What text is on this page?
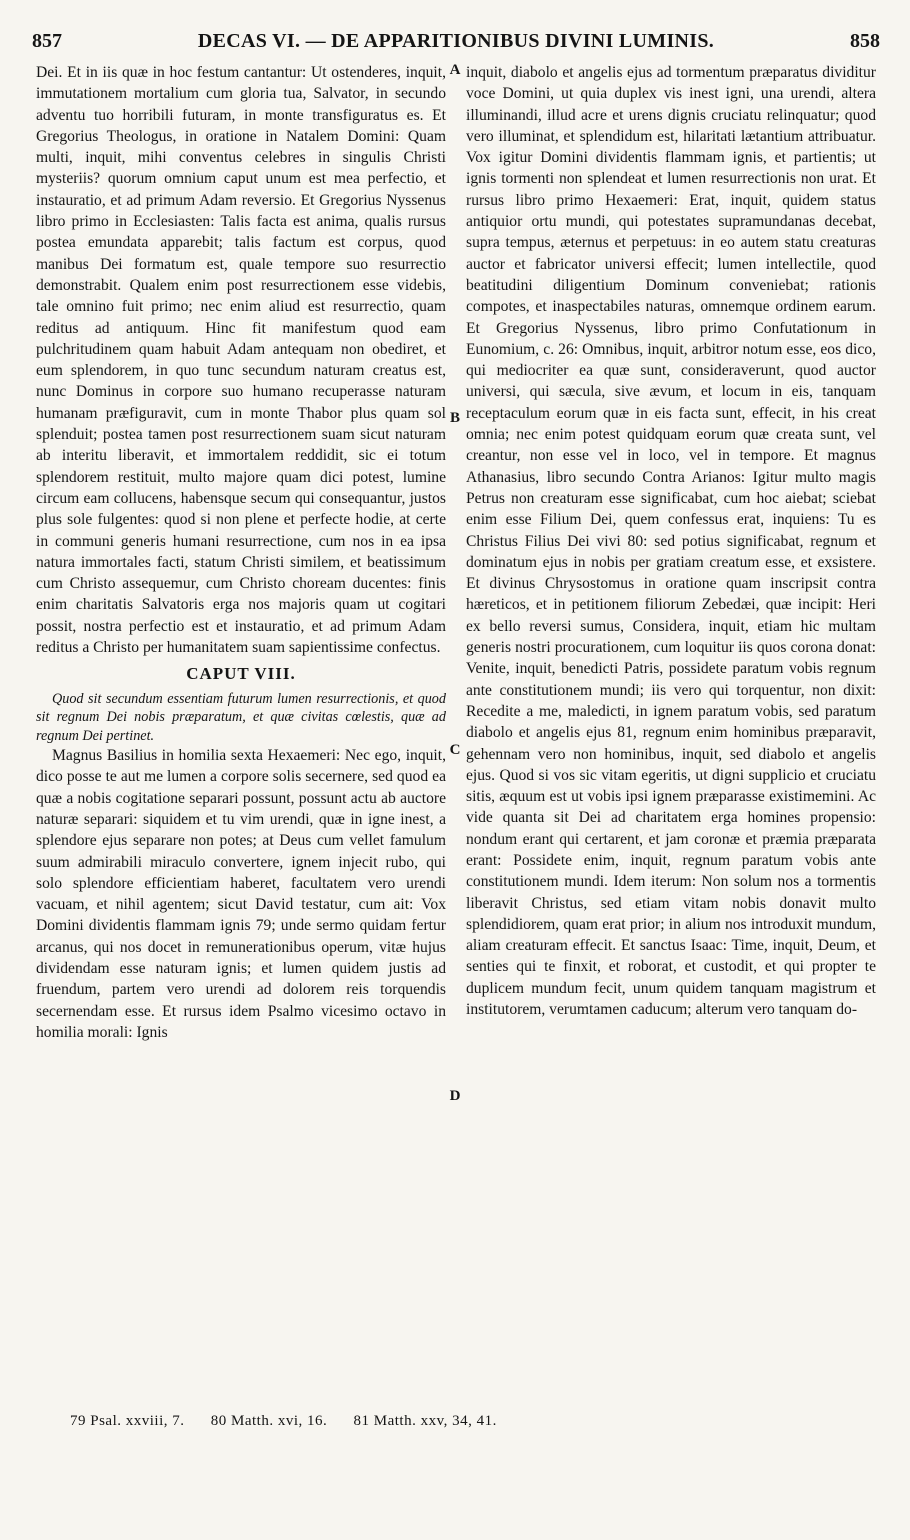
857	DECAS VI. — DE APPARITIONIBUS DIVINI LUMINIS.	858

Dei. Et in iis quæ in hoc festum cantantur: Ut ostenderes, inquit, immutationem mortalium cum gloria tua, Salvator, in secundo adventu tuo horribili futuram, in monte transfiguratus es. Et Gregorius Theologus, in oratione in Natalem Domini: Quam multi, inquit, mihi conventus celebres in singulis Christi mysteriis? quorum omnium caput unum est mea perfectio, et instauratio, et ad primum Adam reversio. Et Gregorius Nyssenus libro primo in Ecclesiasten: Talis facta est anima, qualis rursus postea emundata apparebit; talis factum est corpus, quod manibus Dei formatum est, quale tempore suo resurrectio demonstrabit. Qualem enim post resurrectionem esse videbis, tale omnino fuit primo; nec enim aliud est resurrectio, quam reditus ad antiquum. Hinc fit manifestum quod eam pulchritudinem quam habuit Adam antequam non obediret, et eum splendorem, in quo tunc secundum naturam creatus est, nunc Dominus in corpore suo humano recuperasse naturam humanam præfiguravit, cum in monte Thabor plus quam sol splenduit; postea tamen post resurrectionem suam sicut naturam ab interitu liberavit, et immortalem reddidit, sic ei totum splendorem restituit, multo majore quam dici potest, lumine circum eam collucens, habensque secum qui consequantur, justos plus sole fulgentes: quod si non plene et perfecte hodie, at certe in communi generis humani resurrectione, cum nos in ea ipsa natura immortales facti, statum Christi similem, et beatissimum cum Christo assequemur, cum Christo choream ducentes: finis enim charitatis Salvatoris erga nos majoris quam ut cogitari possit, nostra perfectio est et instauratio, et ad primum Adam reditus a Christo per humanitatem suam sapientissime confectus.

CAPUT VIII.

Quod sit secundum essentiam futurum lumen resurrectionis, et quod sit regnum Dei nobis præparatum, et quæ civitas cœlestis, quæ ad regnum Dei pertinet.

Magnus Basilius in homilia sexta Hexaemeri: Nec ego, inquit, dico posse te aut me lumen a corpore solis secernere, sed quod ea quæ a nobis cogitatione separari possunt, possunt actu ab auctore naturæ separari: siquidem et tu vim urendi, quæ in igne inest, a splendore ejus separare non potes; at Deus cum vellet famulum suum admirabili miraculo convertere, ignem injecit rubo, qui solo splendore efficientiam haberet, facultatem vero urendi vacuam, et nihil agentem; sicut David testatur, cum ait: Vox Domini dividentis flammam ignis 79; unde sermo quidam fertur arcanus, qui nos docet in remunerationibus operum, vitæ hujus dividendam esse naturam ignis; et lumen quidem justis ad fruendum, partem vero urendi ad dolorem reis torquendis secernendam esse. Et rursus idem Psalmo vicesimo octavo in homilia morali: Ignis

inquit, diabolo et angelis ejus ad tormentum præparatus dividitur voce Domini, ut quia duplex vis inest igni, una urendi, altera illuminandi, illud acre et urens dignis cruciatu relinquatur; quod vero illuminat, et splendidum est, hilaritati lætantium attribuatur. Vox igitur Domini dividentis flammam ignis, et partientis; ut ignis tormenti non splendeat et lumen resurrectionis non urat. Et rursus libro primo Hexaemeri: Erat, inquit, quidem status antiquior ortu mundi, qui potestates supramundanas decebat, supra tempus, æternus et perpetuus: in eo autem statu creaturas auctor et fabricator universi effecit; lumen intellectile, quod beatitudini diligentium Dominum conveniebat; rationis compotes, et inaspectabiles naturas, omnemque ordinem earum. Et Gregorius Nyssenus, libro primo Confutationum in Eunomium, c. 26: Omnibus, inquit, arbitror notum esse, eos dico, qui mediocriter ea quæ sunt, consideraverunt, quod auctor universi, qui sæcula, sive ævum, et locum in eis, tanquam receptaculum eorum quæ in eis facta sunt, effecit, in his creat omnia; nec enim potest quidquam eorum quæ creata sunt, vel creantur, non esse vel in loco, vel in tempore. Et magnus Athanasius, libro secundo Contra Arianos: Igitur multo magis Petrus non creaturam esse significabat, cum hoc aiebat; sciebat enim esse Filium Dei, quem confessus erat, inquiens: Tu es Christus Filius Dei vivi 80: sed potius significabat, regnum et dominatum ejus in nobis per gratiam creatum esse, et exsistere. Et divinus Chrysostomus in oratione quam inscripsit contra hæreticos, et in petitionem filiorum Zebedæi, quæ incipit: Heri ex bello reversi sumus, Considera, inquit, etiam hic multam generis nostri procurationem, cum loquitur iis quos corona donat: Venite, inquit, benedicti Patris, possidete paratum vobis regnum ante constitutionem mundi; iis vero qui torquentur, non dixit: Recedite a me, maledicti, in ignem paratum vobis, sed paratum diabolo et angelis ejus 81, regnum enim hominibus præparavit, gehennam vero non hominibus, inquit, sed diabolo et angelis ejus. Quod si vos sic vitam egeritis, ut digni supplicio et cruciatu sitis, æquum est ut vobis ipsi ignem præparasse existimemini. Ac vide quanta sit Dei ad charitatem erga homines propensio: nondum erant qui certarent, et jam coronæ et præmia præparata erant: Possidete enim, inquit, regnum paratum vobis ante constitutionem mundi. Idem iterum: Non solum nos a tormentis liberavit Christus, sed etiam vitam nobis donavit multo splendidiorem, quam erat prior; in alium nos introduxit mundum, aliam creaturam effecit. Et sanctus Isaac: Time, inquit, Deum, et senties qui te finxit, et roborat, et custodit, et qui propter te duplicem mundum fecit, unum quidem tanquam magistrum et institutorem, verumtamen caducum; alterum vero tanquam do-

A
B
C
D
79 Psal. xxviii, 7. 80 Matth. xvi, 16. 81 Matth. xxv, 34, 41.
